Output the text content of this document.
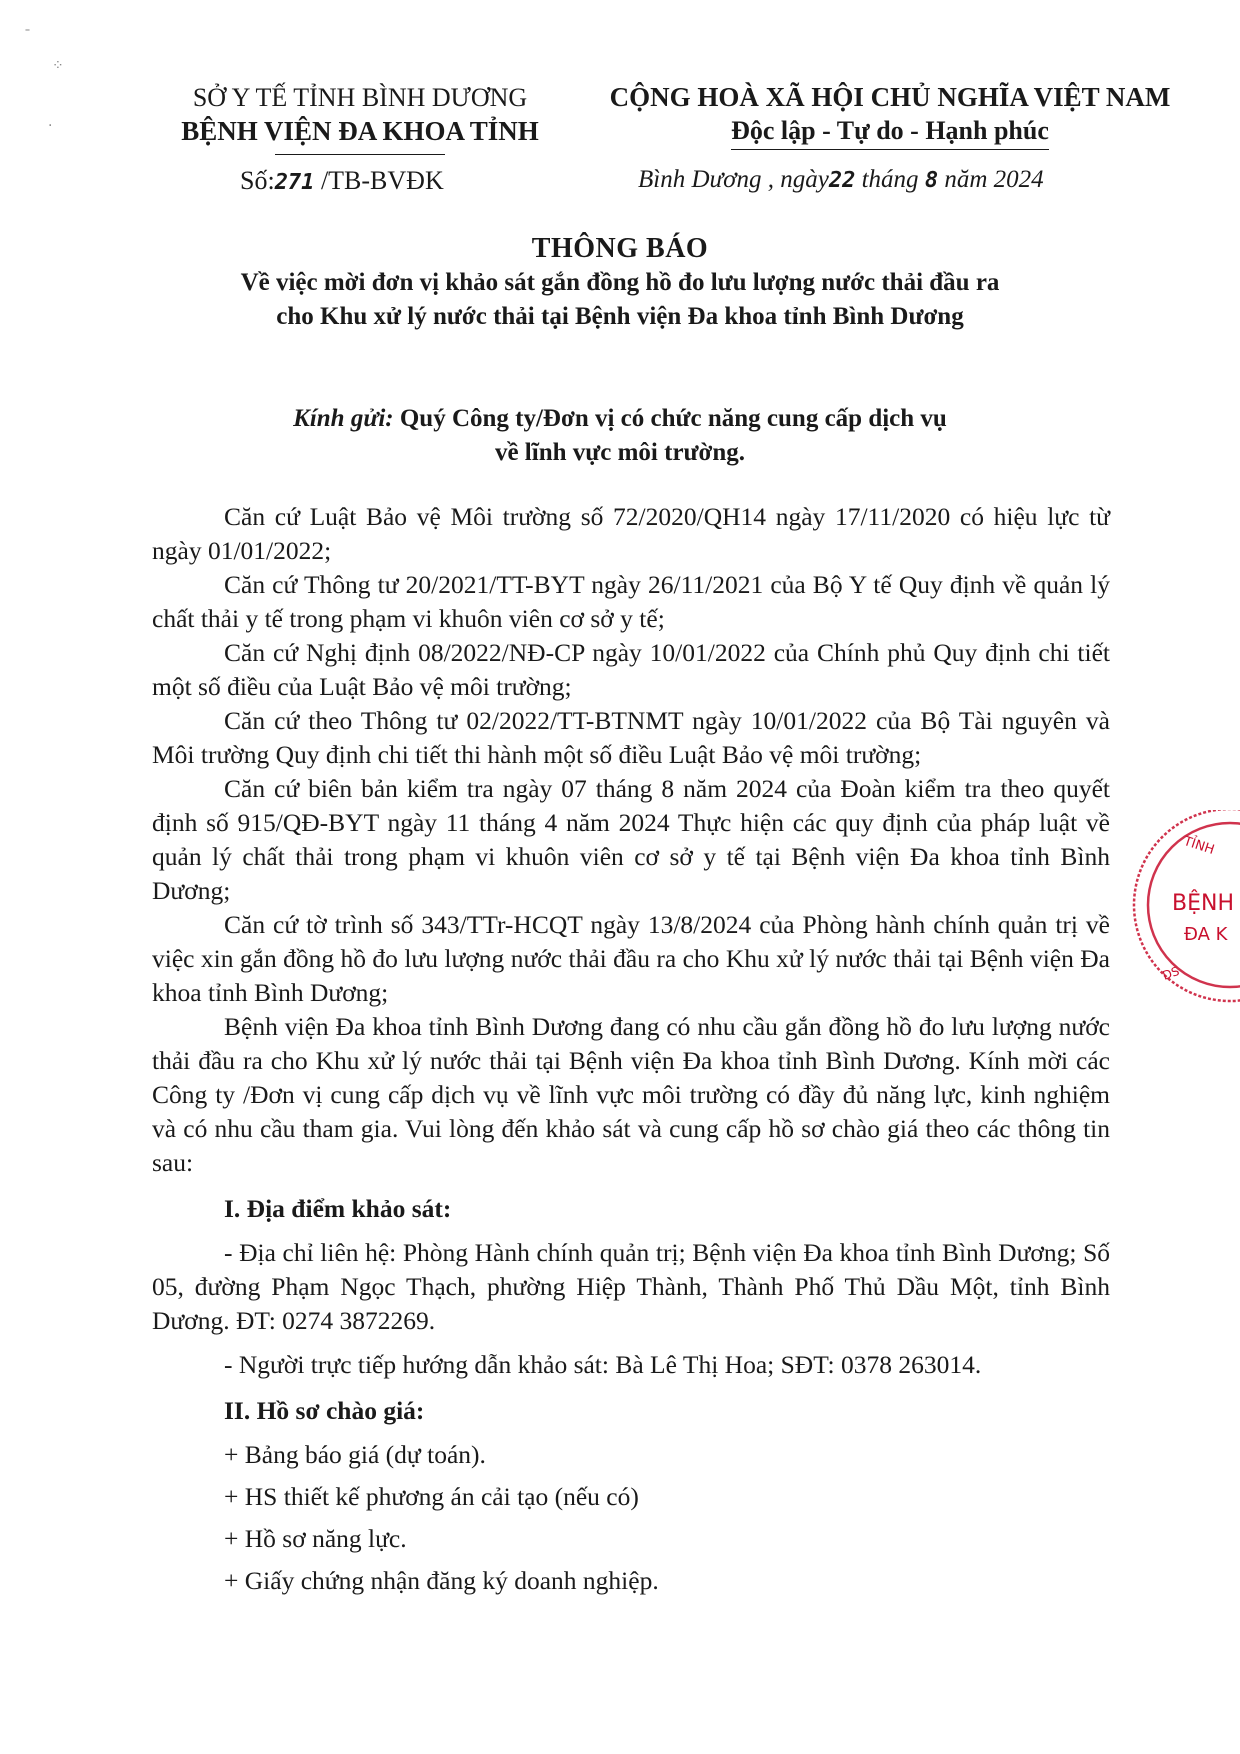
ˉ
⁘
·
SỞ Y TẾ TỈNH BÌNH DƯƠNG
BỆNH VIỆN ĐA KHOA TỈNH
CỘNG HOÀ XÃ HỘI CHỦ NGHĨA VIỆT NAM
Độc lập - Tự do - Hạnh phúc
Số:271 /TB-BVĐK	Bình Dương , ngày22 tháng 8 năm 2024
THÔNG BÁO
Về việc mời đơn vị khảo sát gắn đồng hồ đo lưu lượng nước thải đầu ra
cho Khu xử lý nước thải tại Bệnh viện Đa khoa tỉnh Bình Dương
Kính gửi: Quý Công ty/Đơn vị có chức năng cung cấp dịch vụ
về lĩnh vực môi trường.

Căn cứ Luật Bảo vệ Môi trường số 72/2020/QH14 ngày 17/11/2020 có hiệu lực từ ngày 01/01/2022;

Căn cứ Thông tư 20/2021/TT-BYT ngày 26/11/2021 của Bộ Y tế Quy định về quản lý chất thải y tế trong phạm vi khuôn viên cơ sở y tế;

Căn cứ Nghị định 08/2022/NĐ-CP ngày 10/01/2022 của Chính phủ Quy định chi tiết một số điều của Luật Bảo vệ môi trường;

Căn cứ theo Thông tư 02/2022/TT-BTNMT ngày 10/01/2022 của Bộ Tài nguyên và Môi trường Quy định chi tiết thi hành một số điều Luật Bảo vệ môi trường;

Căn cứ biên bản kiểm tra ngày 07 tháng 8 năm 2024 của Đoàn kiểm tra theo quyết định số 915/QĐ-BYT ngày 11 tháng 4 năm 2024 Thực hiện các quy định của pháp luật về quản lý chất thải trong phạm vi khuôn viên cơ sở y tế tại Bệnh viện Đa khoa tỉnh Bình Dương;

Căn cứ tờ trình số 343/TTr-HCQT ngày 13/8/2024 của Phòng hành chính quản trị về việc xin gắn đồng hồ đo lưu lượng nước thải đầu ra cho Khu xử lý nước thải tại Bệnh viện Đa khoa tỉnh Bình Dương;

Bệnh viện Đa khoa tỉnh Bình Dương đang có nhu cầu gắn đồng hồ đo lưu lượng nước thải đầu ra cho Khu xử lý nước thải tại Bệnh viện Đa khoa tỉnh Bình Dương. Kính mời các Công ty /Đơn vị cung cấp dịch vụ về lĩnh vực môi trường có đầy đủ năng lực, kinh nghiệm và có nhu cầu tham gia. Vui lòng đến khảo sát và cung cấp hồ sơ chào giá theo các thông tin sau:

I. Địa điểm khảo sát:

- Địa chỉ liên hệ: Phòng Hành chính quản trị; Bệnh viện Đa khoa tỉnh Bình Dương; Số 05, đường Phạm Ngọc Thạch, phường Hiệp Thành, Thành Phố Thủ Dầu Một, tỉnh Bình Dương. ĐT: 0274 3872269.

- Người trực tiếp hướng dẫn khảo sát: Bà Lê Thị Hoa; SĐT: 0378 263014.

II. Hồ sơ chào giá:

+ Bảng báo giá (dự toán).

+ HS thiết kế phương án cải tạo (nếu có)

+ Hồ sơ năng lực.

+ Giấy chứng nhận đăng ký doanh nghiệp.

TỈNH
BỆNH
ĐA K
DS
